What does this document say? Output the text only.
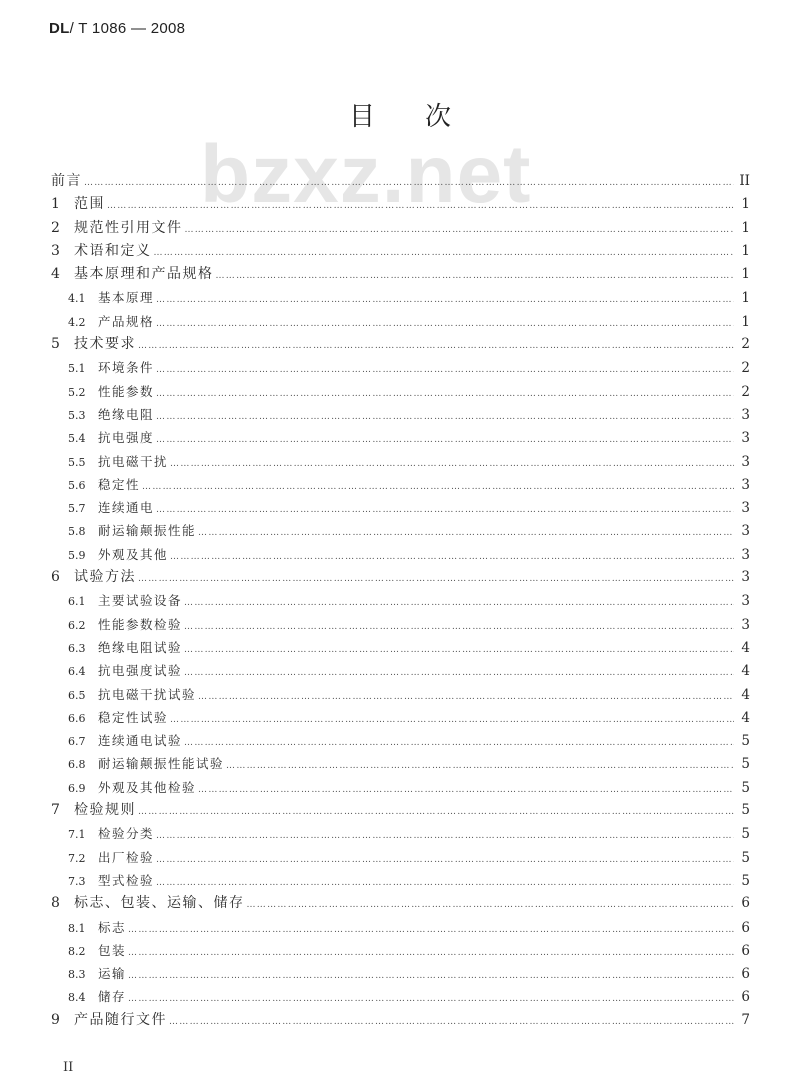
DL/ T 1086 — 2008
目次
bzxz.net
前言 …………………………………………………………………………………………………………………………………………………………………………………………………………	II
1	范围 …………………………………………………………………………………………………………………………………………………………………………………………………………	1
2	规范性引用文件 …………………………………………………………………………………………………………………………………………………………………………………………………………	1
3	术语和定义 …………………………………………………………………………………………………………………………………………………………………………………………………………	1
4	基本原理和产品规格 …………………………………………………………………………………………………………………………………………………………………………………………………………	1
4.1	基本原理 …………………………………………………………………………………………………………………………………………………………………………………………………………	1
4.2	产品规格 …………………………………………………………………………………………………………………………………………………………………………………………………………	1
5	技术要求 …………………………………………………………………………………………………………………………………………………………………………………………………………	2
5.1	环境条件 …………………………………………………………………………………………………………………………………………………………………………………………………………	2
5.2	性能参数 …………………………………………………………………………………………………………………………………………………………………………………………………………	2
5.3	绝缘电阻 …………………………………………………………………………………………………………………………………………………………………………………………………………	3
5.4	抗电强度 …………………………………………………………………………………………………………………………………………………………………………………………………………	3
5.5	抗电磁干扰 …………………………………………………………………………………………………………………………………………………………………………………………………………	3
5.6	稳定性 …………………………………………………………………………………………………………………………………………………………………………………………………………	3
5.7	连续通电 …………………………………………………………………………………………………………………………………………………………………………………………………………	3
5.8	耐运输颠振性能 …………………………………………………………………………………………………………………………………………………………………………………………………………	3
5.9	外观及其他 …………………………………………………………………………………………………………………………………………………………………………………………………………	3
6	试验方法 …………………………………………………………………………………………………………………………………………………………………………………………………………	3
6.1	主要试验设备 …………………………………………………………………………………………………………………………………………………………………………………………………………	3
6.2	性能参数检验 …………………………………………………………………………………………………………………………………………………………………………………………………………	3
6.3	绝缘电阻试验 …………………………………………………………………………………………………………………………………………………………………………………………………………	4
6.4	抗电强度试验 …………………………………………………………………………………………………………………………………………………………………………………………………………	4
6.5	抗电磁干扰试验 …………………………………………………………………………………………………………………………………………………………………………………………………………	4
6.6	稳定性试验 …………………………………………………………………………………………………………………………………………………………………………………………………………	4
6.7	连续通电试验 …………………………………………………………………………………………………………………………………………………………………………………………………………	5
6.8	耐运输颠振性能试验 …………………………………………………………………………………………………………………………………………………………………………………………………………	5
6.9	外观及其他检验 …………………………………………………………………………………………………………………………………………………………………………………………………………	5
7	检验规则 …………………………………………………………………………………………………………………………………………………………………………………………………………	5
7.1	检验分类 …………………………………………………………………………………………………………………………………………………………………………………………………………	5
7.2	出厂检验 …………………………………………………………………………………………………………………………………………………………………………………………………………	5
7.3	型式检验 …………………………………………………………………………………………………………………………………………………………………………………………………………	5
8	标志、包装、运输、储存 …………………………………………………………………………………………………………………………………………………………………………………………………………	6
8.1	标志 …………………………………………………………………………………………………………………………………………………………………………………………………………	6
8.2	包装 …………………………………………………………………………………………………………………………………………………………………………………………………………	6
8.3	运输 …………………………………………………………………………………………………………………………………………………………………………………………………………	6
8.4	储存 …………………………………………………………………………………………………………………………………………………………………………………………………………	6
9	产品随行文件 …………………………………………………………………………………………………………………………………………………………………………………………………………	7
II
